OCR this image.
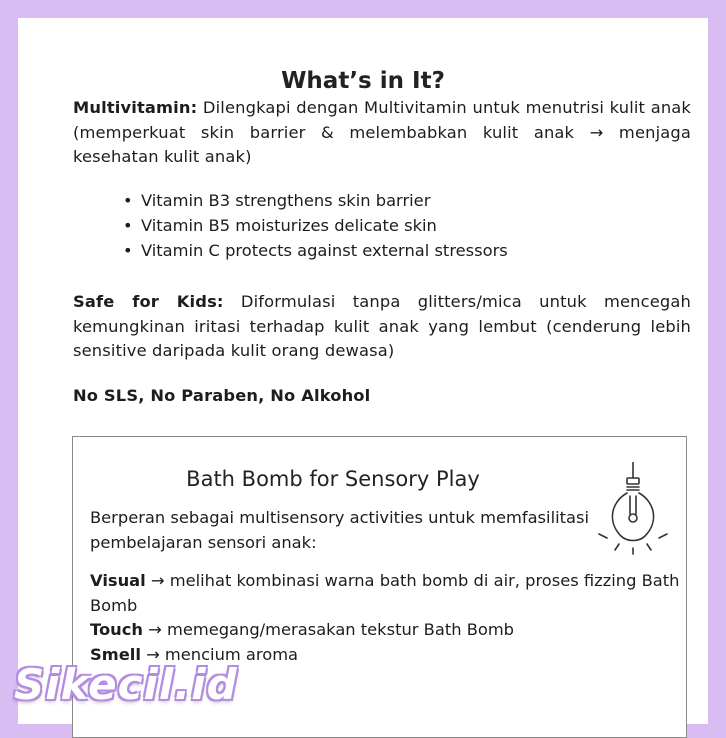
What’s in It?
Multivitamin: Dilengkapi dengan Multivitamin untuk menutrisi kulit anak (memperkuat skin barrier & melembabkan kulit anak → menjaga kesehatan kulit anak)
• Vitamin B3 strengthens skin barrier
• Vitamin B5 moisturizes delicate skin
• Vitamin C protects against external stressors
Safe for Kids: Diformulasi tanpa glitters/mica untuk mencegah kemungkinan iritasi terhadap kulit anak yang lembut (cenderung lebih sensitive daripada kulit orang dewasa)
No SLS, No Paraben, No Alkohol
Bath Bomb for Sensory Play
Berperan sebagai multisensory activities untuk memfasilitasi pembelajaran sensori anak:
Visual → melihat kombinasi warna bath bomb di air, proses fizzing Bath Bomb
Touch → memegang/merasakan tekstur Bath Bomb
Smell → mencium aroma
Sikecil.id
